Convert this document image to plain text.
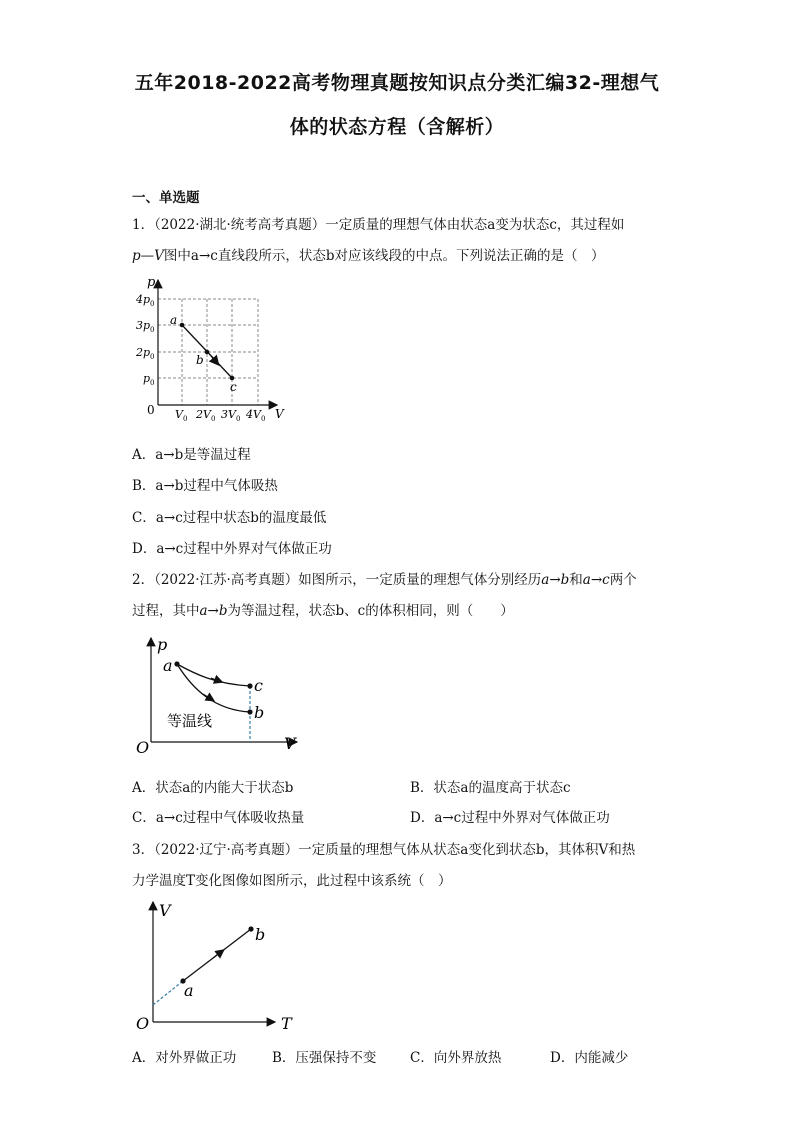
五年2018-2022高考物理真题按知识点分类汇编32-理想气
体的状态方程（含解析）
一、单选题
1．（2022·湖北·统考高考真题）一定质量的理想气体由状态a变为状态c，其过程如
p—V图中a→c直线段所示，状态b对应该线段的中点。下列说法正确的是（　）
p
V
0
$4p_0$
$3p_0$
$2p_0$
$p_0$
$V_0$ $2V_0$ $3V_0$ $4V_0$
a
b
c
A．a→b是等温过程
B．a→b过程中气体吸热
C．a→c过程中状态b的温度最低
D．a→c过程中外界对气体做正功
2．（2022·江苏·高考真题）如图所示，一定质量的理想气体分别经历a→b和a→c两个
过程，其中a→b为等温过程，状态b、c的体积相同，则（　　）
p
V
O
a
b
c
等温线
A．状态a的内能大于状态b	B．状态a的温度高于状态c
C．a→c过程中气体吸收热量	D．a→c过程中外界对气体做正功
3．（2022·辽宁·高考真题）一定质量的理想气体从状态a变化到状态b，其体积V和热
力学温度T变化图像如图所示，此过程中该系统（　）
V
T
O
a
b
A．对外界做正功	B．压强保持不变 C．向外界放热	D．内能减少
